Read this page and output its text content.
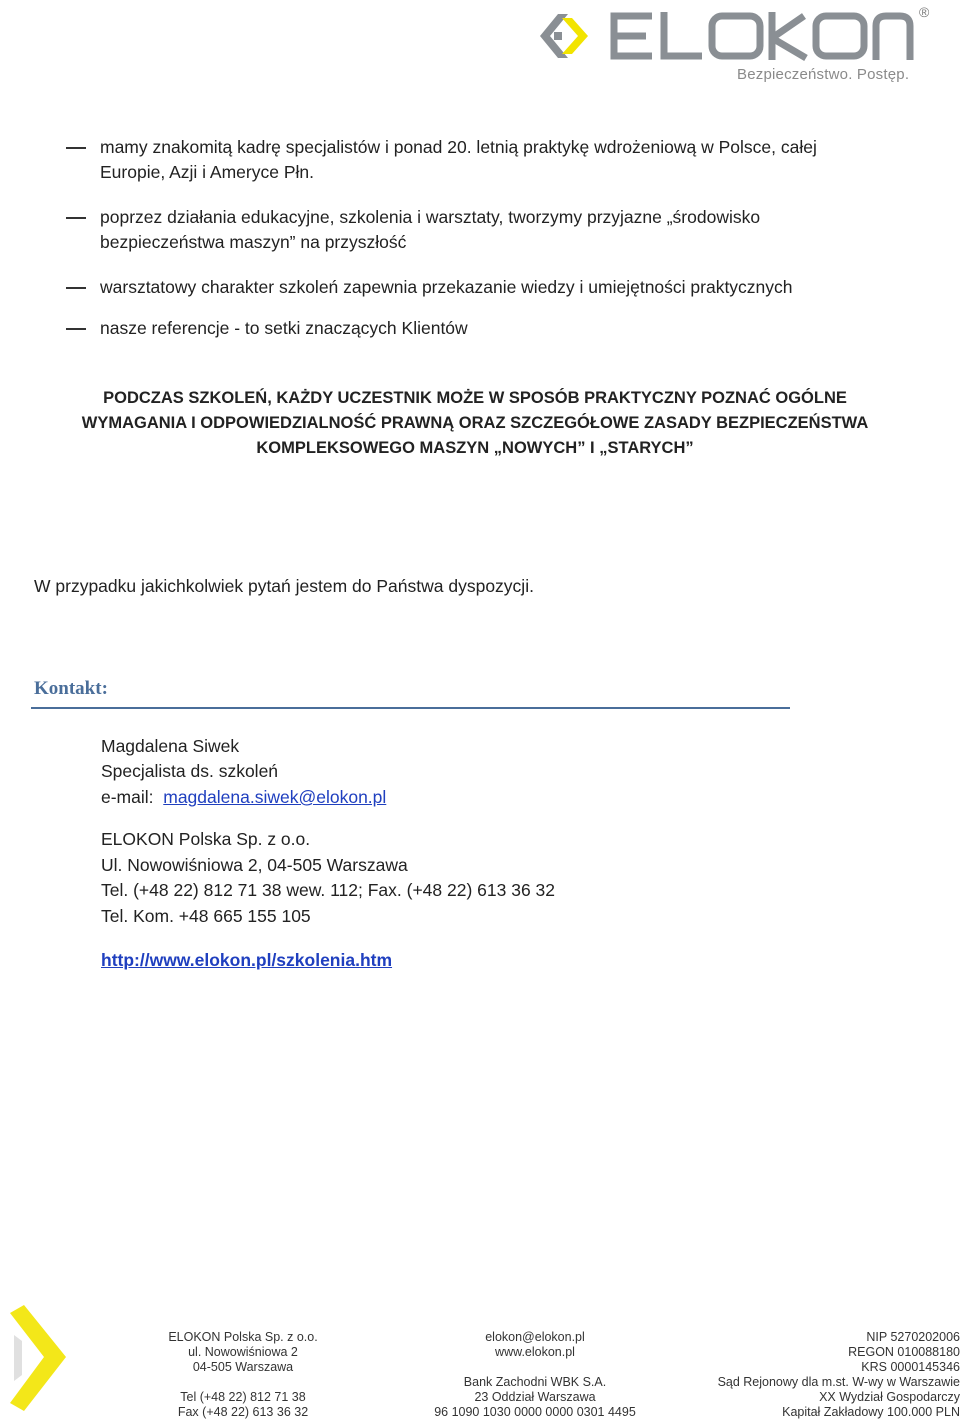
®
Bezpieczeństwo. Postęp.
mamy znakomitą kadrę specjalistów i ponad 20. letnią praktykę wdrożeniową w Polsce, całej
Europie, Azji i Ameryce Płn.
poprzez działania edukacyjne, szkolenia i warsztaty, tworzymy przyjazne „środowisko
bezpieczeństwa maszyn” na przyszłość
warsztatowy charakter szkoleń zapewnia przekazanie wiedzy i umiejętności praktycznych
nasze referencje - to setki znaczących Klientów
PODCZAS SZKOLEŃ, KAŻDY UCZESTNIK MOŻE W SPOSÓB PRAKTYCZNY POZNAĆ OGÓLNE
WYMAGANIA I ODPOWIEDZIALNOŚĆ PRAWNĄ ORAZ SZCZEGÓŁOWE ZASADY BEZPIECZEŃSTWA
KOMPLEKSOWEGO MASZYN „NOWYCH” I „STARYCH”
W przypadku jakichkolwiek pytań jestem do Państwa dyspozycji.
Kontakt:
Magdalena Siwek
Specjalista ds. szkoleń
e-mail: magdalena.siwek@elokon.pl
ELOKON Polska Sp. z o.o.
Ul. Nowowiśniowa 2, 04-505 Warszawa
Tel. (+48 22) 812 71 38 wew. 112; Fax. (+48 22) 613 36 32
Tel. Kom. +48 665 155 105
http://www.elokon.pl/szkolenia.htm
ELOKON Polska Sp. z o.o.
ul. Nowowiśniowa 2
04-505 Warszawa
Tel (+48 22) 812 71 38
Fax (+48 22) 613 36 32
elokon@elokon.pl
www.elokon.pl
Bank Zachodni WBK S.A.
23 Oddział Warszawa
96 1090 1030 0000 0000 0301 4495
NIP 5270202006
REGON 010088180
KRS 0000145346
Sąd Rejonowy dla m.st. W-wy w Warszawie
XX Wydział Gospodarczy
Kapitał Zakładowy 100.000 PLN
